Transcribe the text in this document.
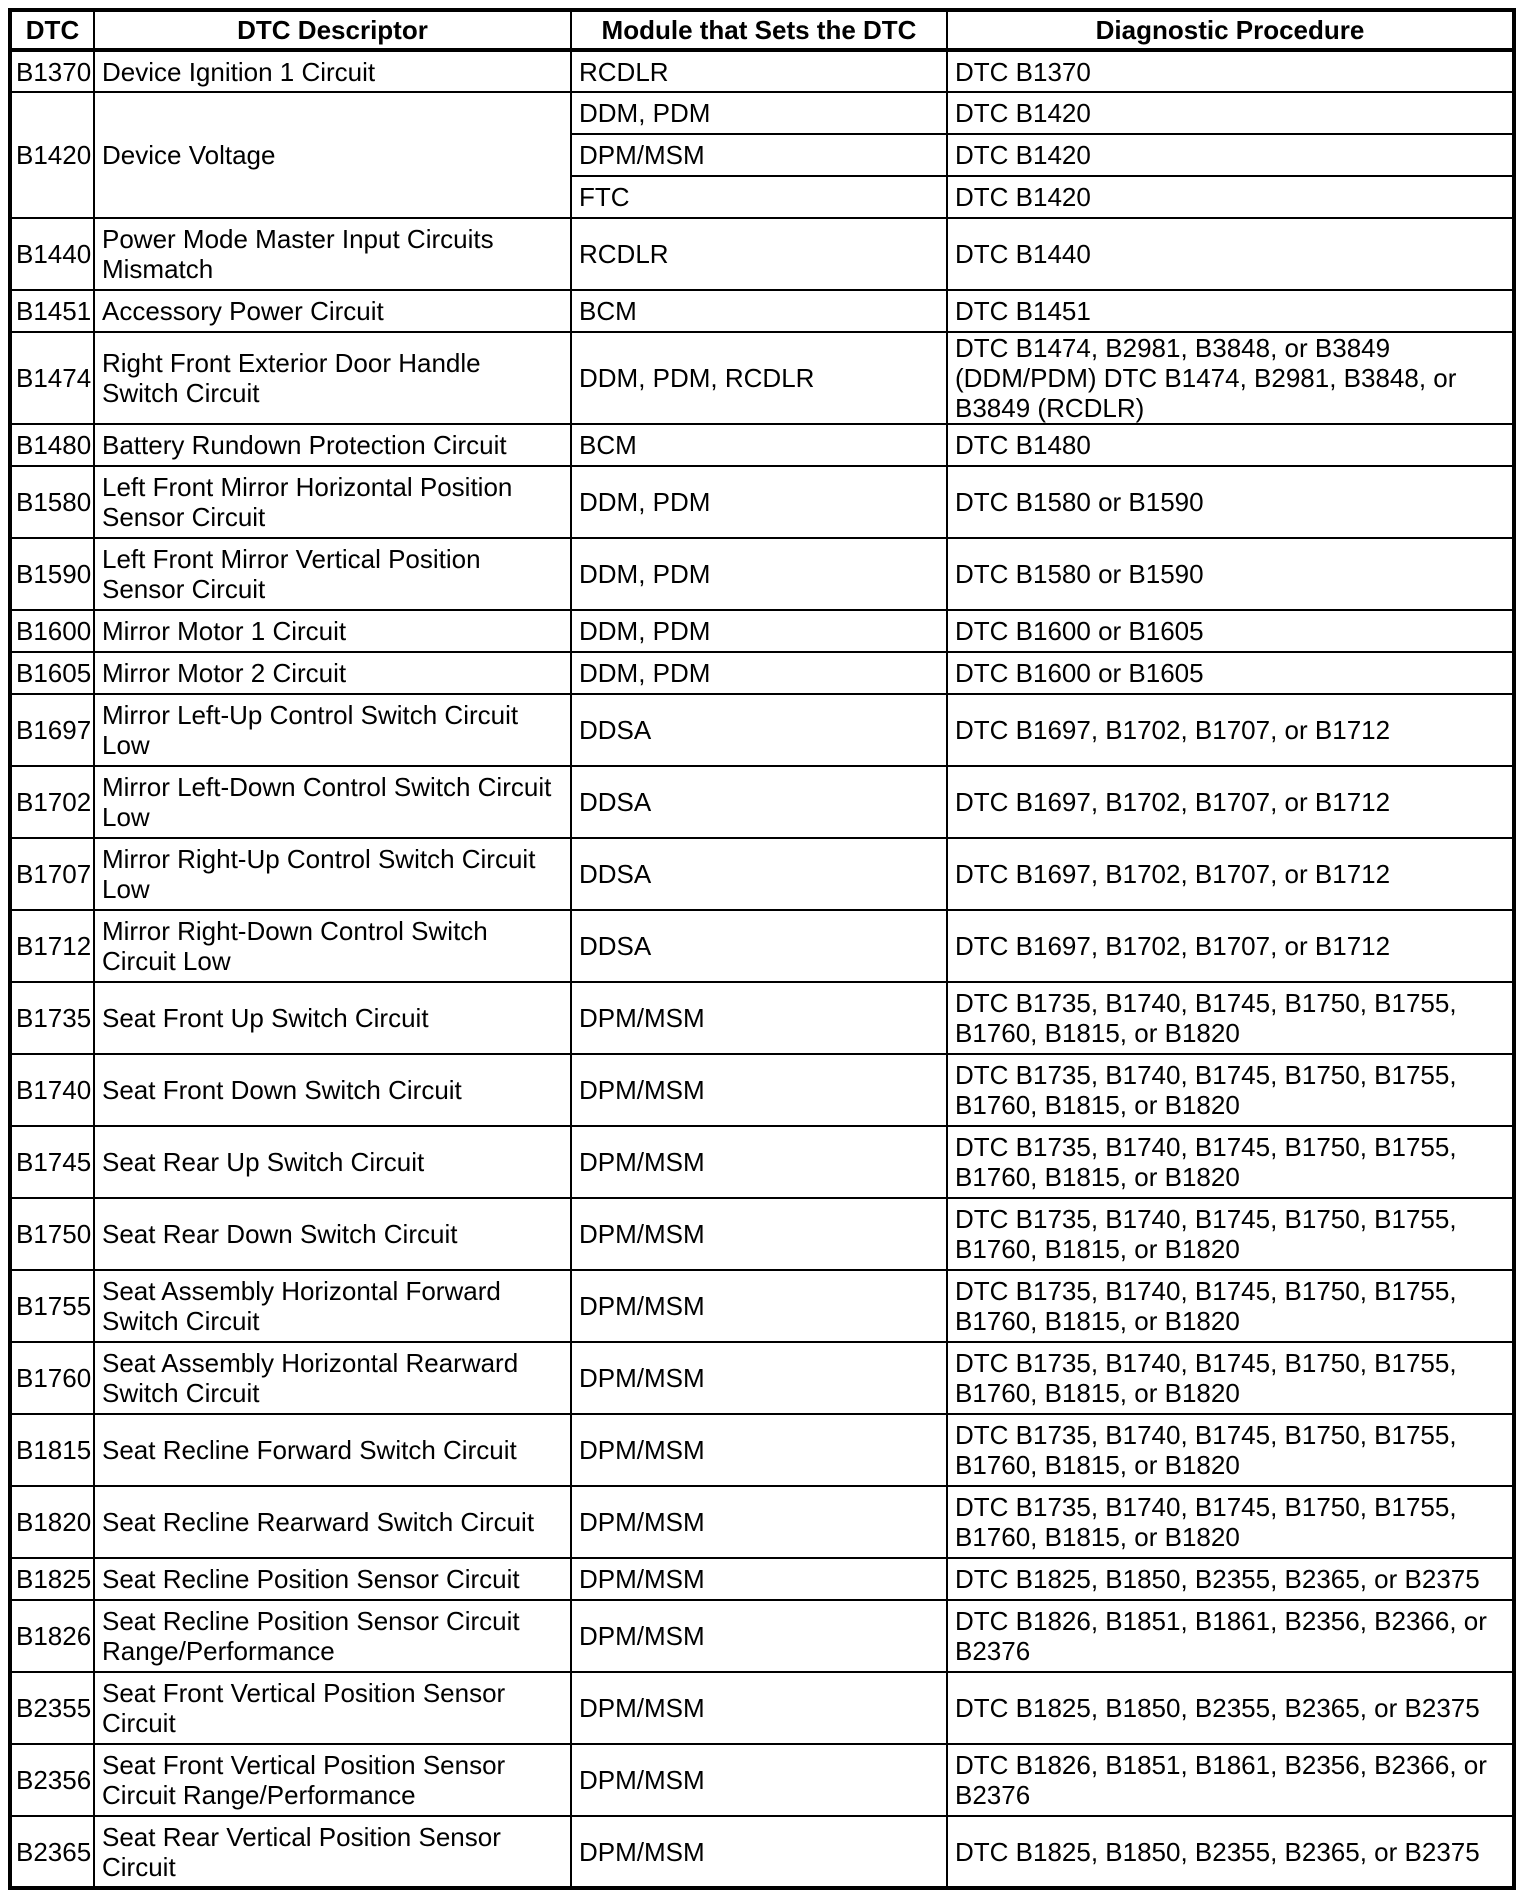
DTC	DTC Descriptor	Module that Sets the DTC	Diagnostic Procedure
B1370	Device Ignition 1 Circuit	RCDLR	DTC B1370
B1420	Device Voltage	DDM, PDM	DTC B1420
		DPM/MSM	DTC B1420
		FTC	DTC B1420
B1440	Power Mode Master Input Circuits Mismatch	RCDLR	DTC B1440
B1451	Accessory Power Circuit	BCM	DTC B1451
B1474	Right Front Exterior Door Handle Switch Circuit	DDM, PDM, RCDLR	DTC B1474, B2981, B3848, or B3849 (DDM/PDM) DTC B1474, B2981, B3848, or B3849 (RCDLR)
B1480	Battery Rundown Protection Circuit	BCM	DTC B1480
B1580	Left Front Mirror Horizontal Position Sensor Circuit	DDM, PDM	DTC B1580 or B1590
B1590	Left Front Mirror Vertical Position Sensor Circuit	DDM, PDM	DTC B1580 or B1590
B1600	Mirror Motor 1 Circuit	DDM, PDM	DTC B1600 or B1605
B1605	Mirror Motor 2 Circuit	DDM, PDM	DTC B1600 or B1605
B1697	Mirror Left-Up Control Switch Circuit Low	DDSA	DTC B1697, B1702, B1707, or B1712
B1702	Mirror Left-Down Control Switch Circuit Low	DDSA	DTC B1697, B1702, B1707, or B1712
B1707	Mirror Right-Up Control Switch Circuit Low	DDSA	DTC B1697, B1702, B1707, or B1712
B1712	Mirror Right-Down Control Switch Circuit Low	DDSA	DTC B1697, B1702, B1707, or B1712
B1735	Seat Front Up Switch Circuit	DPM/MSM	DTC B1735, B1740, B1745, B1750, B1755, B1760, B1815, or B1820
B1740	Seat Front Down Switch Circuit	DPM/MSM	DTC B1735, B1740, B1745, B1750, B1755, B1760, B1815, or B1820
B1745	Seat Rear Up Switch Circuit	DPM/MSM	DTC B1735, B1740, B1745, B1750, B1755, B1760, B1815, or B1820
B1750	Seat Rear Down Switch Circuit	DPM/MSM	DTC B1735, B1740, B1745, B1750, B1755, B1760, B1815, or B1820
B1755	Seat Assembly Horizontal Forward Switch Circuit	DPM/MSM	DTC B1735, B1740, B1745, B1750, B1755, B1760, B1815, or B1820
B1760	Seat Assembly Horizontal Rearward Switch Circuit	DPM/MSM	DTC B1735, B1740, B1745, B1750, B1755, B1760, B1815, or B1820
B1815	Seat Recline Forward Switch Circuit	DPM/MSM	DTC B1735, B1740, B1745, B1750, B1755, B1760, B1815, or B1820
B1820	Seat Recline Rearward Switch Circuit	DPM/MSM	DTC B1735, B1740, B1745, B1750, B1755, B1760, B1815, or B1820
B1825	Seat Recline Position Sensor Circuit	DPM/MSM	DTC B1825, B1850, B2355, B2365, or B2375
B1826	Seat Recline Position Sensor Circuit Range/Performance	DPM/MSM	DTC B1826, B1851, B1861, B2356, B2366, or B2376
B2355	Seat Front Vertical Position Sensor Circuit	DPM/MSM	DTC B1825, B1850, B2355, B2365, or B2375
B2356	Seat Front Vertical Position Sensor Circuit Range/Performance	DPM/MSM	DTC B1826, B1851, B1861, B2356, B2366, or B2376
B2365	Seat Rear Vertical Position Sensor Circuit	DPM/MSM	DTC B1825, B1850, B2355, B2365, or B2375
